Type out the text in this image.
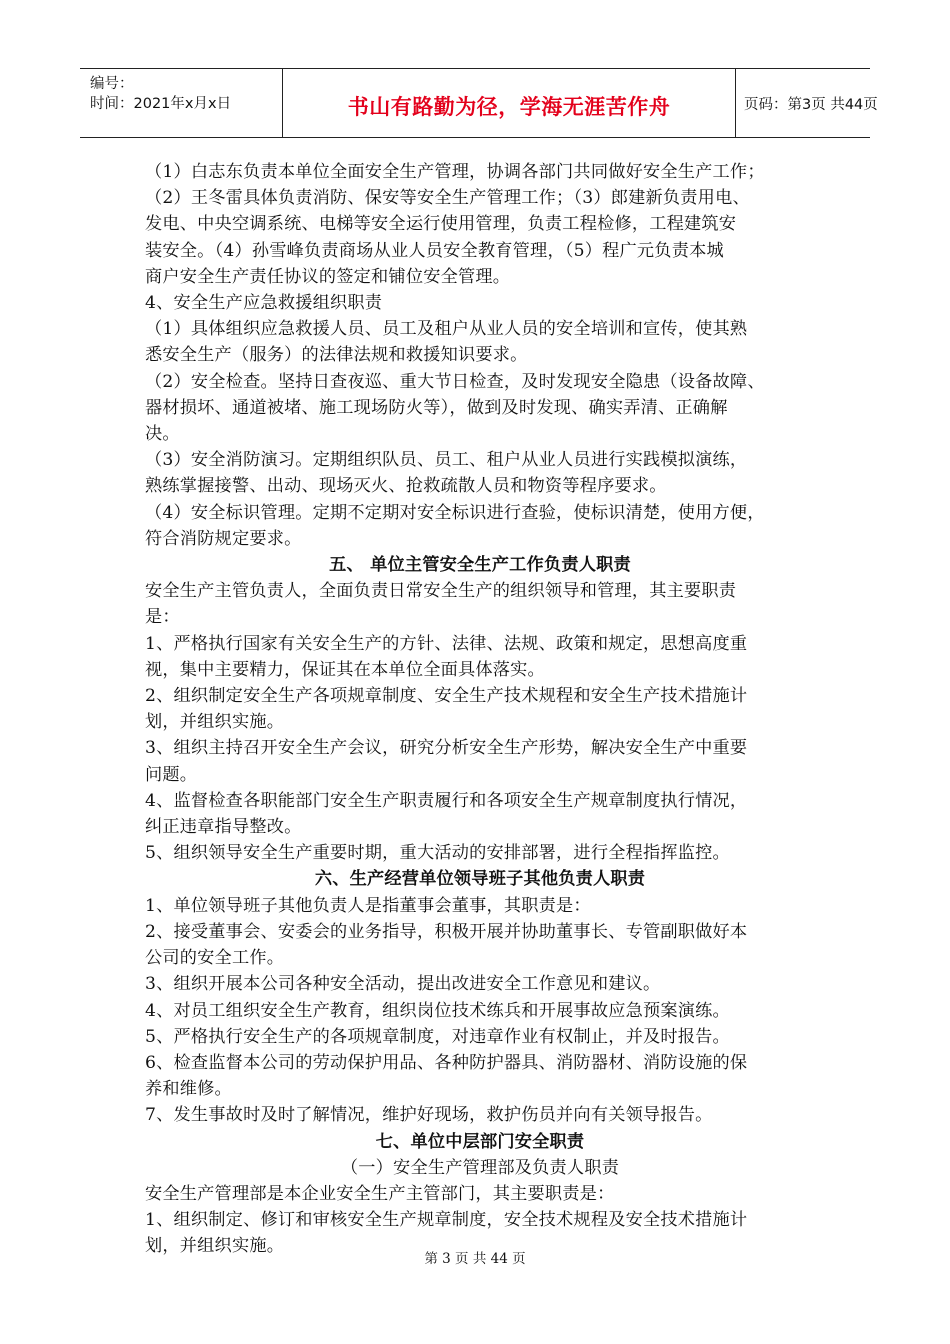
编号：
时间：2021年x月x日	书山有路勤为径，学海无涯苦作舟	页码：第3页 共44页

（1）白志东负责本单位全面安全生产管理，协调各部门共同做好安全生产工作；

（2）王冬雷具体负责消防、保安等安全生产管理工作；（3）郎建新负责用电、

发电、中央空调系统、电梯等安全运行使用管理，负责工程检修，工程建筑安

装安全。（4）孙雪峰负责商场从业人员安全教育管理，（5）程广元负责本城

商户安全生产责任协议的签定和铺位安全管理。

4、安全生产应急救援组织职责

（1）具体组织应急救援人员、员工及租户从业人员的安全培训和宣传，使其熟

悉安全生产（服务）的法律法规和救援知识要求。

（2）安全检查。坚持日查夜巡、重大节日检查，及时发现安全隐患（设备故障、

器材损坏、通道被堵、施工现场防火等），做到及时发现、确实弄清、正确解

决。

（3）安全消防演习。定期组织队员、员工、租户从业人员进行实践模拟演练，

熟练掌握接警、出动、现场灭火、抢救疏散人员和物资等程序要求。

（4）安全标识管理。定期不定期对安全标识进行查验，使标识清楚，使用方便，

符合消防规定要求。

五、 单位主管安全生产工作负责人职责

安全生产主管负责人，全面负责日常安全生产的组织领导和管理，其主要职责

是：

1、严格执行国家有关安全生产的方针、法律、法规、政策和规定，思想高度重

视，集中主要精力，保证其在本单位全面具体落实。

2、组织制定安全生产各项规章制度、安全生产技术规程和安全生产技术措施计

划，并组织实施。

3、组织主持召开安全生产会议，研究分析安全生产形势，解决安全生产中重要

问题。

4、监督检查各职能部门安全生产职责履行和各项安全生产规章制度执行情况，

纠正违章指导整改。

5、组织领导安全生产重要时期，重大活动的安排部署，进行全程指挥监控。

六、生产经营单位领导班子其他负责人职责

1、单位领导班子其他负责人是指董事会董事，其职责是：

2、接受董事会、安委会的业务指导，积极开展并协助董事长、专管副职做好本

公司的安全工作。

3、组织开展本公司各种安全活动，提出改进安全工作意见和建议。

4、对员工组织安全生产教育，组织岗位技术练兵和开展事故应急预案演练。

5、严格执行安全生产的各项规章制度，对违章作业有权制止，并及时报告。

6、检查监督本公司的劳动保护用品、各种防护器具、消防器材、消防设施的保

养和维修。

7、发生事故时及时了解情况，维护好现场，救护伤员并向有关领导报告。

七、单位中层部门安全职责

（一）安全生产管理部及负责人职责

安全生产管理部是本企业安全生产主管部门，其主要职责是：

1、组织制定、修订和审核安全生产规章制度，安全技术规程及安全技术措施计

划，并组织实施。

第 3 页 共 44 页
